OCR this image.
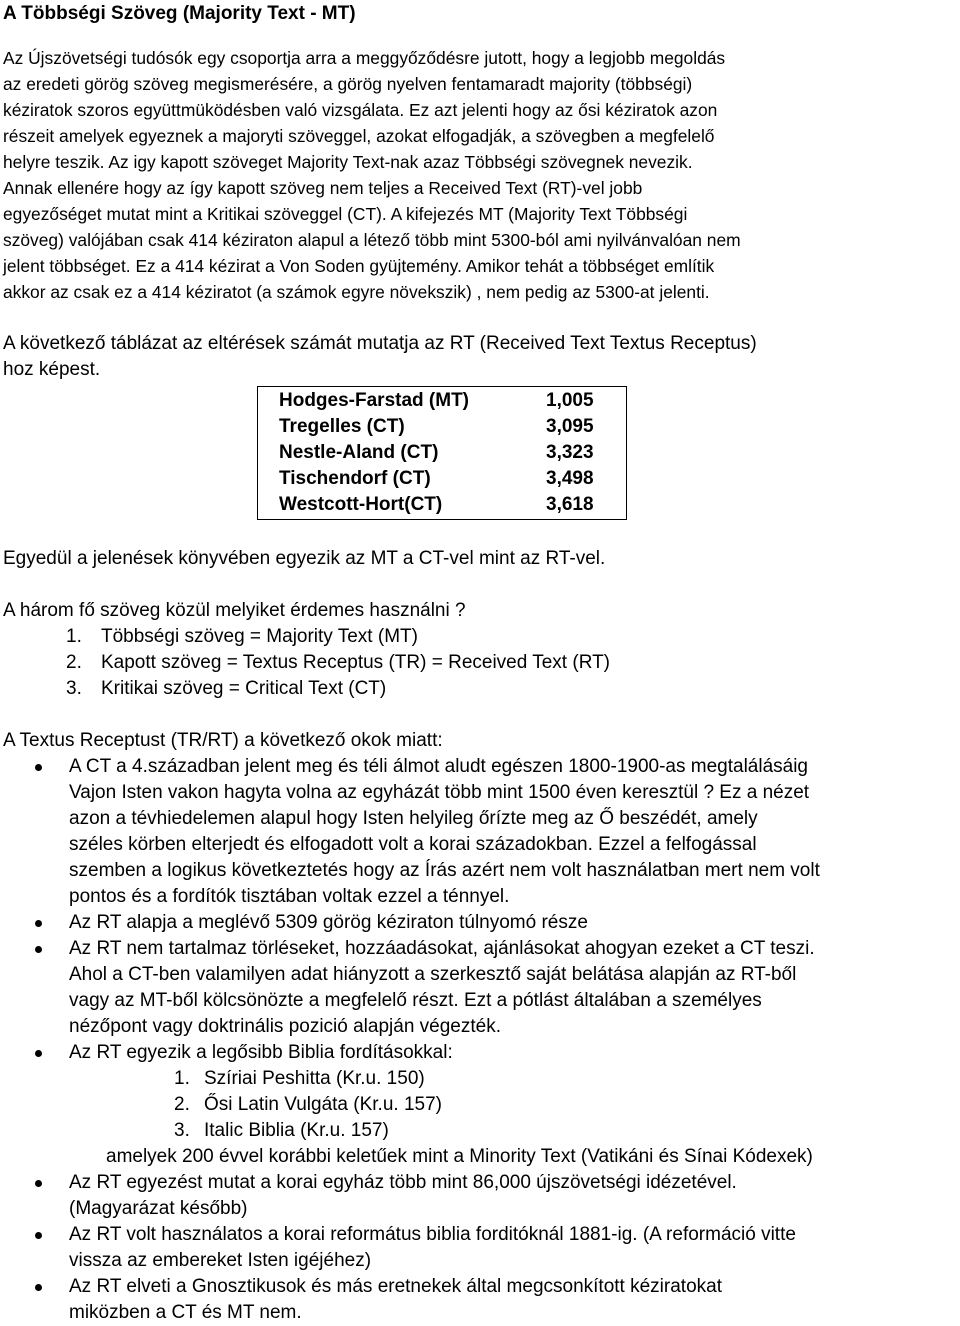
A Többségi Szöveg (Majority Text - MT)
Az Újszövetségi tudósók egy csoportja arra a meggyőződésre jutott, hogy a legjobb megoldás
az eredeti görög szöveg megismerésére, a görög nyelven fentamaradt majority (többségi)
kéziratok szoros együttmüködésben való vizsgálata. Ez azt jelenti hogy az ősi kéziratok azon
részeit amelyek egyeznek a majoryti szöveggel, azokat elfogadják, a szövegben a megfelelő
helyre teszik. Az igy kapott szöveget Majority Text-nak azaz Többségi szövegnek nevezik.
Annak ellenére hogy az így kapott szöveg nem teljes a Received Text (RT)-vel jobb
egyezőséget mutat mint a Kritikai szöveggel (CT). A kifejezés MT (Majority Text Többségi
szöveg) valójában csak 414 kéziraton alapul a létező több mint 5300-ból ami nyilvánvalóan nem
jelent többséget. Ez a 414 kézirat a Von Soden gyüjtemény. Amikor tehát a többséget említik
akkor az csak ez a 414 kéziratot (a számok egyre növekszik) , nem pedig az 5300-at jelenti.
A következő táblázat az eltérések számát mutatja az RT (Received Text Textus Receptus)
hoz képest.
Hodges-Farstad (MT)	1,005
Tregelles (CT)	3,095
Nestle-Aland (CT)	3,323
Tischendorf (CT)	3,498
Westcott-Hort(CT)	3,618

Egyedül a jelenések könyvében egyezik az MT a CT-vel mint az RT-vel.

A három fő szöveg közül melyiket érdemes használni ?

1.	Többségi szöveg = Majority Text (MT)
2.	Kapott szöveg = Textus Receptus (TR) = Received Text (RT)
3.	Kritikai szöveg = Critical Text (CT)

A Textus Receptust (TR/RT) a következő okok miatt:

A CT a 4.században jelent meg és téli álmot aludt egészen 1800-1900-as megtalálásáig
Vajon Isten vakon hagyta volna az egyházát több mint 1500 éven keresztül ? Ez a nézet
azon a tévhiedelemen alapul hogy Isten helyileg őrízte meg az Ő beszédét, amely
széles körben elterjedt és elfogadott volt a korai századokban. Ezzel a felfogással
szemben a logikus következtetés hogy az Írás azért nem volt használatban mert nem volt
pontos és a fordítók tisztában voltak ezzel a ténnyel.
Az RT alapja a meglévő 5309 görög kéziraton túlnyomó része
Az RT nem tartalmaz törléseket, hozzáadásokat, ajánlásokat ahogyan ezeket a CT teszi.
Ahol a CT-ben valamilyen adat hiányzott a szerkesztő saját belátása alapján az RT-ből
vagy az MT-ből kölcsönözte a megfelelő részt. Ezt a pótlást általában a személyes
nézőpont vagy doktrinális pozició alapján végezték.
Az RT egyezik a legősibb Biblia fordításokkal:
1. Szíriai Peshitta (Kr.u. 150)
2. Ősi Latin Vulgáta (Kr.u. 157)
3. Italic Biblia (Kr.u. 157)
amelyek 200 évvel korábbi keletűek mint a Minority Text (Vatikáni és Sínai Kódexek)
Az RT egyezést mutat a korai egyház több mint 86,000 újszövetségi idézetével.
(Magyarázat később)
Az RT volt használatos a korai református biblia forditóknál 1881-ig. (A reformáció vitte
vissza az embereket Isten igéjéhez)
Az RT elveti a Gnosztikusok és más eretnekek által megcsonkított kéziratokat
miközben a CT és MT nem.
